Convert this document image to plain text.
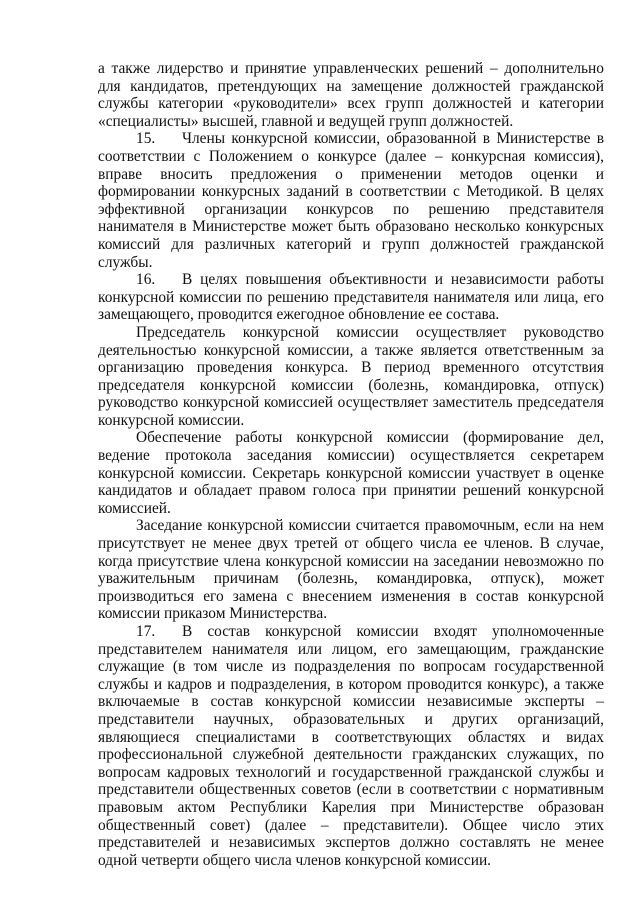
а также лидерство и принятие управленческих решений – дополнительно для кандидатов, претендующих на замещение должностей гражданской службы категории «руководители» всех групп должностей и категории «специалисты» высшей, главной и ведущей групп должностей.

15. Члены конкурсной комиссии, образованной в Министерстве в соответствии с Положением о конкурсе (далее – конкурсная комиссия), вправе вносить предложения о применении методов оценки и формировании конкурсных заданий в соответствии с Методикой. В целях эффективной организации конкурсов по решению представителя нанимателя в Министерстве может быть образовано несколько конкурсных комиссий для различных категорий и групп должностей гражданской службы.

16. В целях повышения объективности и независимости работы конкурсной комиссии по решению представителя нанимателя или лица, его замещающего, проводится ежегодное обновление ее состава.

Председатель конкурсной комиссии осуществляет руководство деятельностью конкурсной комиссии, а также является ответственным за организацию проведения конкурса. В период временного отсутствия председателя конкурсной комиссии (болезнь, командировка, отпуск) руководство конкурсной комиссией осуществляет заместитель председателя конкурсной комиссии.

Обеспечение работы конкурсной комиссии (формирование дел, ведение протокола заседания комиссии) осуществляется секретарем конкурсной комиссии. Секретарь конкурсной комиссии участвует в оценке кандидатов и обладает правом голоса при принятии решений конкурсной комиссией.

Заседание конкурсной комиссии считается правомочным, если на нем присутствует не менее двух третей от общего числа ее членов. В случае, когда присутствие члена конкурсной комиссии на заседании невозможно по уважительным причинам (болезнь, командировка, отпуск), может производиться его замена с внесением изменения в состав конкурсной комиссии приказом Министерства.

17. В состав конкурсной комиссии входят уполномоченные представителем нанимателя или лицом, его замещающим, гражданские служащие (в том числе из подразделения по вопросам государственной службы и кадров и подразделения, в котором проводится конкурс), а также включаемые в состав конкурсной комиссии независимые эксперты – представители научных, образовательных и других организаций, являющиеся специалистами в соответствующих областях и видах профессиональной служебной деятельности гражданских служащих, по вопросам кадровых технологий и государственной гражданской службы и представители общественных советов (если в соответствии с нормативным правовым актом Республики Карелия при Министерстве образован общественный совет) (далее – представители). Общее число этих представителей и независимых экспертов должно составлять не менее одной четверти общего числа членов конкурсной комиссии.
